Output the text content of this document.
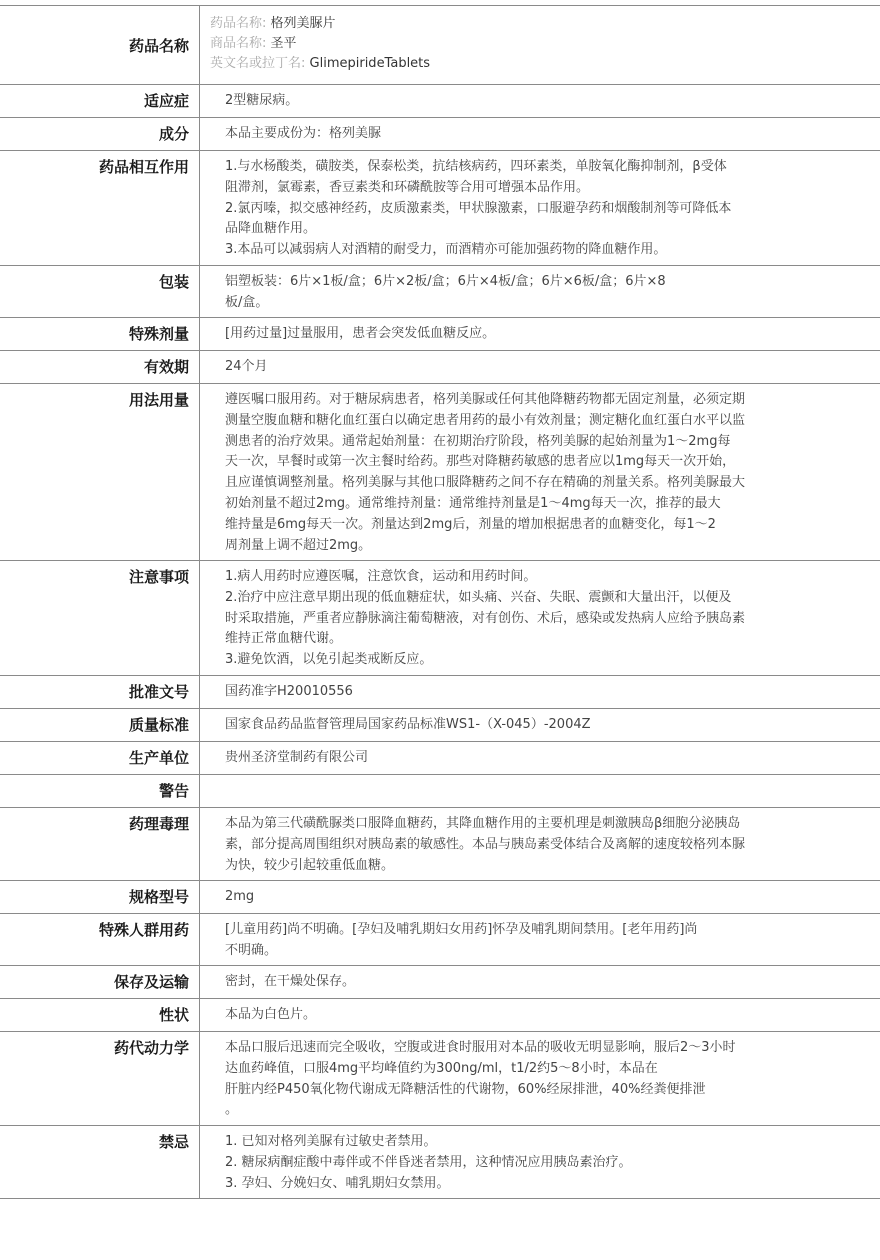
药品名称
药品名称: 格列美脲片
商品名称: 圣平
英文名或拉丁名: GlimepirideTablets
适应症	2型糖尿病。
成分	本品主要成份为：格列美脲
药品相互作用	1.与水杨酸类，磺胺类，保泰松类，抗结核病药，四环素类，单胺氧化酶抑制剂，β受体
阻滞剂，氯霉素，香豆素类和环磷酰胺等合用可增强本品作用。
2.氯丙嗪，拟交感神经药，皮质激素类，甲状腺激素，口服避孕药和烟酸制剂等可降低本
品降血糖作用。
3.本品可以减弱病人对酒精的耐受力，而酒精亦可能加强药物的降血糖作用。
包装	铝塑板装：6片×1板/盒；6片×2板/盒；6片×4板/盒；6片×6板/盒；6片×8
板/盒。
特殊剂量	[用药过量]过量服用，患者会突发低血糖反应。
有效期	24个月
用法用量	遵医嘱口服用药。对于糖尿病患者，格列美脲或任何其他降糖药物都无固定剂量，必须定期
测量空腹血糖和糖化血红蛋白以确定患者用药的最小有效剂量；测定糖化血红蛋白水平以监
测患者的治疗效果。通常起始剂量：在初期治疗阶段，格列美脲的起始剂量为1～2mg每
天一次，早餐时或第一次主餐时给药。那些对降糖药敏感的患者应以1mg每天一次开始，
且应谨慎调整剂量。格列美脲与其他口服降糖药之间不存在精确的剂量关系。格列美脲最大
初始剂量不超过2mg。通常维持剂量：通常维持剂量是1～4mg每天一次，推荐的最大
维持量是6mg每天一次。剂量达到2mg后，剂量的增加根据患者的血糖变化，每1～2
周剂量上调不超过2mg。
注意事项	1.病人用药时应遵医嘱，注意饮食，运动和用药时间。
2.治疗中应注意早期出现的低血糖症状，如头痛、兴奋、失眠、震颤和大量出汗，以便及
时采取措施，严重者应静脉滴注葡萄糖液，对有创伤、术后，感染或发热病人应给予胰岛素
维持正常血糖代谢。
3.避免饮酒，以免引起类戒断反应。
批准文号	国药准字H20010556
质量标准	国家食品药品监督管理局国家药品标准WS1-（X-045）-2004Z
生产单位	贵州圣济堂制药有限公司
警告
药理毒理	本品为第三代磺酰脲类口服降血糖药，其降血糖作用的主要机理是刺激胰岛β细胞分泌胰岛
素，部分提高周围组织对胰岛素的敏感性。本品与胰岛素受体结合及离解的速度较格列本脲
为快，较少引起较重低血糖。
规格型号	2mg
特殊人群用药	[儿童用药]尚不明确。[孕妇及哺乳期妇女用药]怀孕及哺乳期间禁用。[老年用药]尚
不明确。
保存及运输	密封，在干燥处保存。
性状	本品为白色片。
药代动力学	本品口服后迅速而完全吸收，空腹或进食时服用对本品的吸收无明显影响，服后2～3小时
达血药峰值，口服4mg平均峰值约为300ng/ml，t1/2约5～8小时，本品在
肝脏内经P450氧化物代谢成无降糖活性的代谢物，60%经尿排泄，40%经粪便排泄
。
禁忌	1. 已知对格列美脲有过敏史者禁用。
2. 糖尿病酮症酸中毒伴或不伴昏迷者禁用，这种情况应用胰岛素治疗。
3. 孕妇、分娩妇女、哺乳期妇女禁用。
